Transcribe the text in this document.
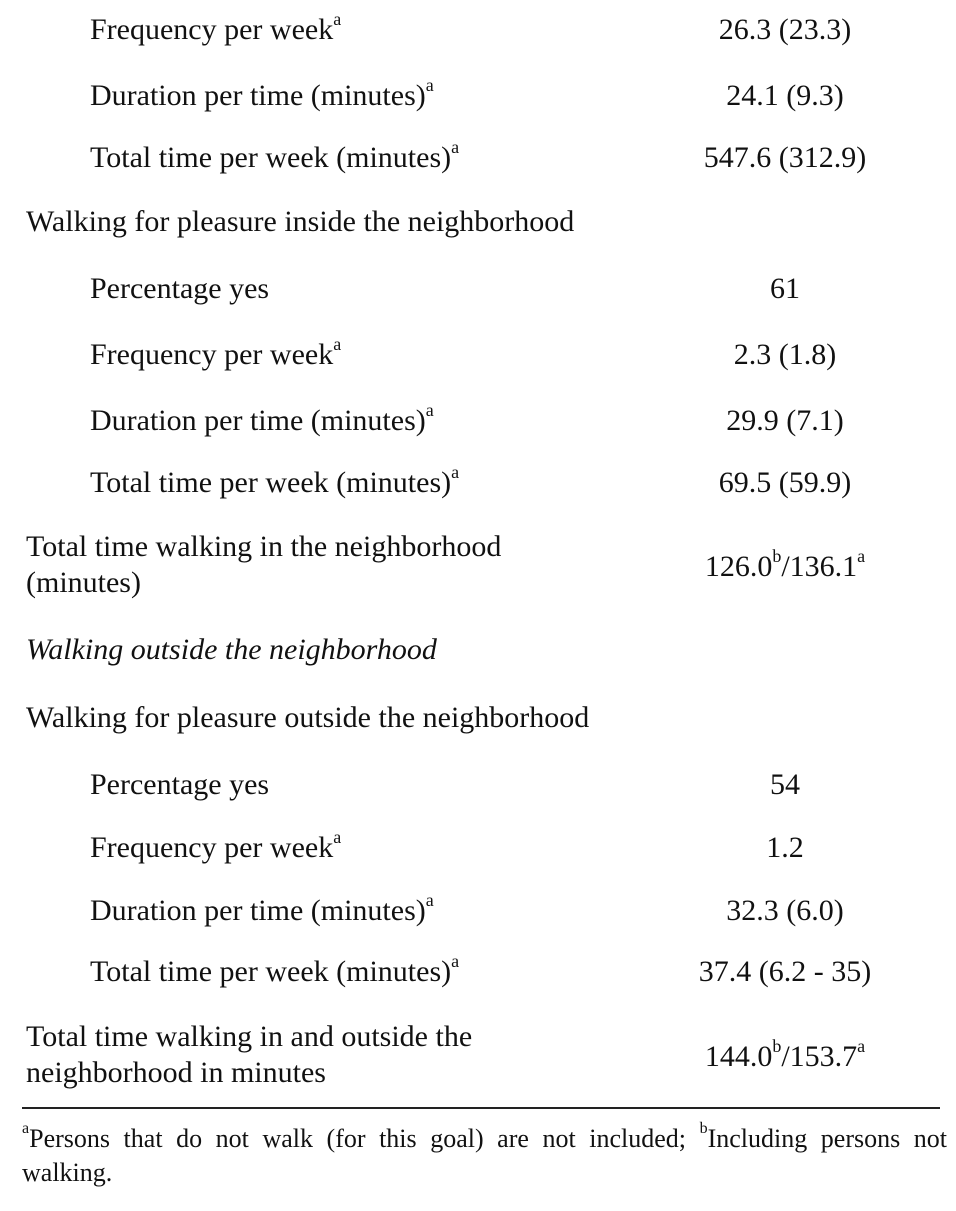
Frequency per week$^a$	26.3 (23.3)
Duration per time (minutes)$^a$	24.1 (9.3)
Total time per week (minutes)$^a$	547.6 (312.9)
Walking for pleasure inside the neighborhood
Percentage yes	61
Frequency per week$^a$	2.3 (1.8)
Duration per time (minutes)$^a$	29.9 (7.1)
Total time per week (minutes)$^a$	69.5 (59.9)
Total time walking in the neighborhood
(minutes)	126.0$^b$/136.1$^a$
Walking outside the neighborhood
Walking for pleasure outside the neighborhood
Percentage yes	54
Frequency per week$^a$	1.2
Duration per time (minutes)$^a$	32.3 (6.0)
Total time per week (minutes)$^a$	37.4 (6.2 - 35)
Total time walking in and outside the
neighborhood in minutes	144.0$^b$/153.7$^a$
$^a$Persons that do not walk (for this goal) are not included; $^b$Including persons not walking.
